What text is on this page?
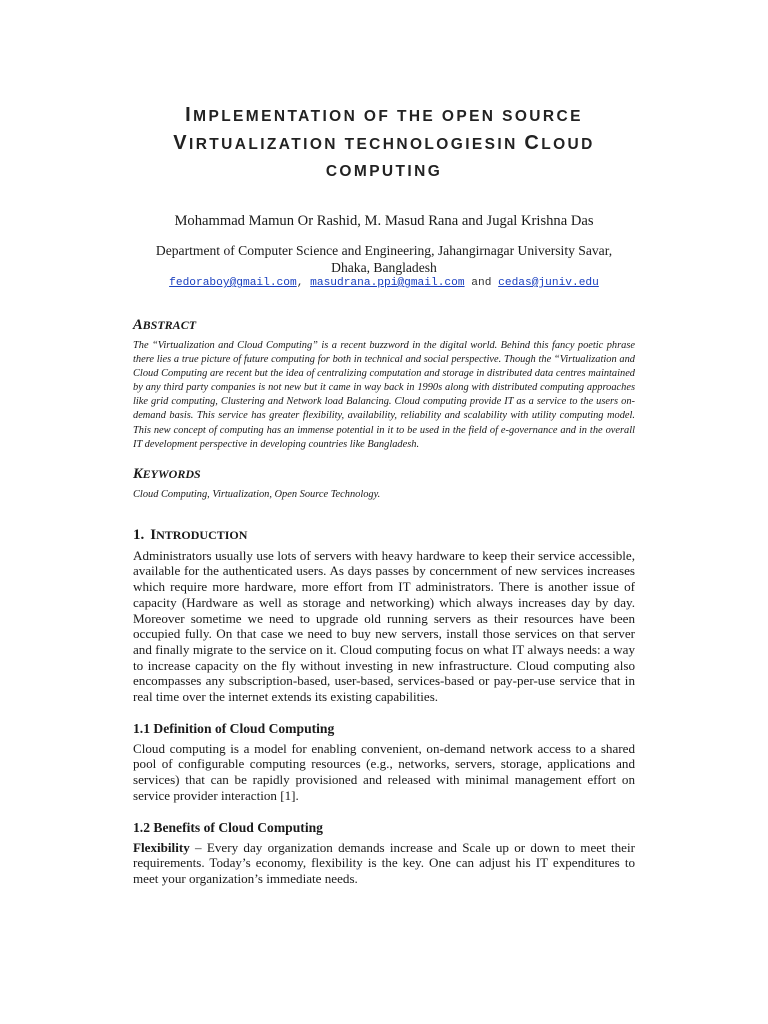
IMPLEMENTATION OF THE OPEN SOURCE
VIRTUALIZATION TECHNOLOGIESIN CLOUD
COMPUTING
Mohammad Mamun Or Rashid, M. Masud Rana and Jugal Krishna Das
Department of Computer Science and Engineering, Jahangirnagar University Savar,
Dhaka, Bangladesh
fedoraboy@gmail.com, masudrana.ppi@gmail.com and cedas@juniv.edu
ABSTRACT
The “Virtualization and Cloud Computing” is a recent buzzword in the digital world. Behind this fancy poetic phrase there lies a true picture of future computing for both in technical and social perspective. Though the “Virtualization and Cloud Computing are recent but the idea of centralizing computation and storage in distributed data centres maintained by any third party companies is not new but it came in way back in 1990s along with distributed computing approaches like grid computing, Clustering and Network load Balancing. Cloud computing provide IT as a service to the users on-demand basis. This service has greater flexibility, availability, reliability and scalability with utility computing model. This new concept of computing has an immense potential in it to be used in the field of e-governance and in the overall IT development perspective in developing countries like Bangladesh.
KEYWORDS
Cloud Computing, Virtualization, Open Source Technology.
1. INTRODUCTION
Administrators usually use lots of servers with heavy hardware to keep their service accessible, available for the authenticated users. As days passes by concernment of new services increases which require more hardware, more effort from IT administrators. There is another issue of capacity (Hardware as well as storage and networking) which always increases day by day. Moreover sometime we need to upgrade old running servers as their resources have been occupied fully. On that case we need to buy new servers, install those services on that server and finally migrate to the service on it. Cloud computing focus on what IT always needs: a way to increase capacity on the fly without investing in new infrastructure. Cloud computing also encompasses any subscription-based, user-based, services-based or pay-per-use service that in real time over the internet extends its existing capabilities.
1.1 Definition of Cloud Computing
Cloud computing is a model for enabling convenient, on-demand network access to a shared pool of configurable computing resources (e.g., networks, servers, storage, applications and services) that can be rapidly provisioned and released with minimal management effort on service provider interaction [1].
1.2 Benefits of Cloud Computing
Flexibility – Every day organization demands increase and Scale up or down to meet their requirements. Today’s economy, flexibility is the key. One can adjust his IT expenditures to meet your organization’s immediate needs.
